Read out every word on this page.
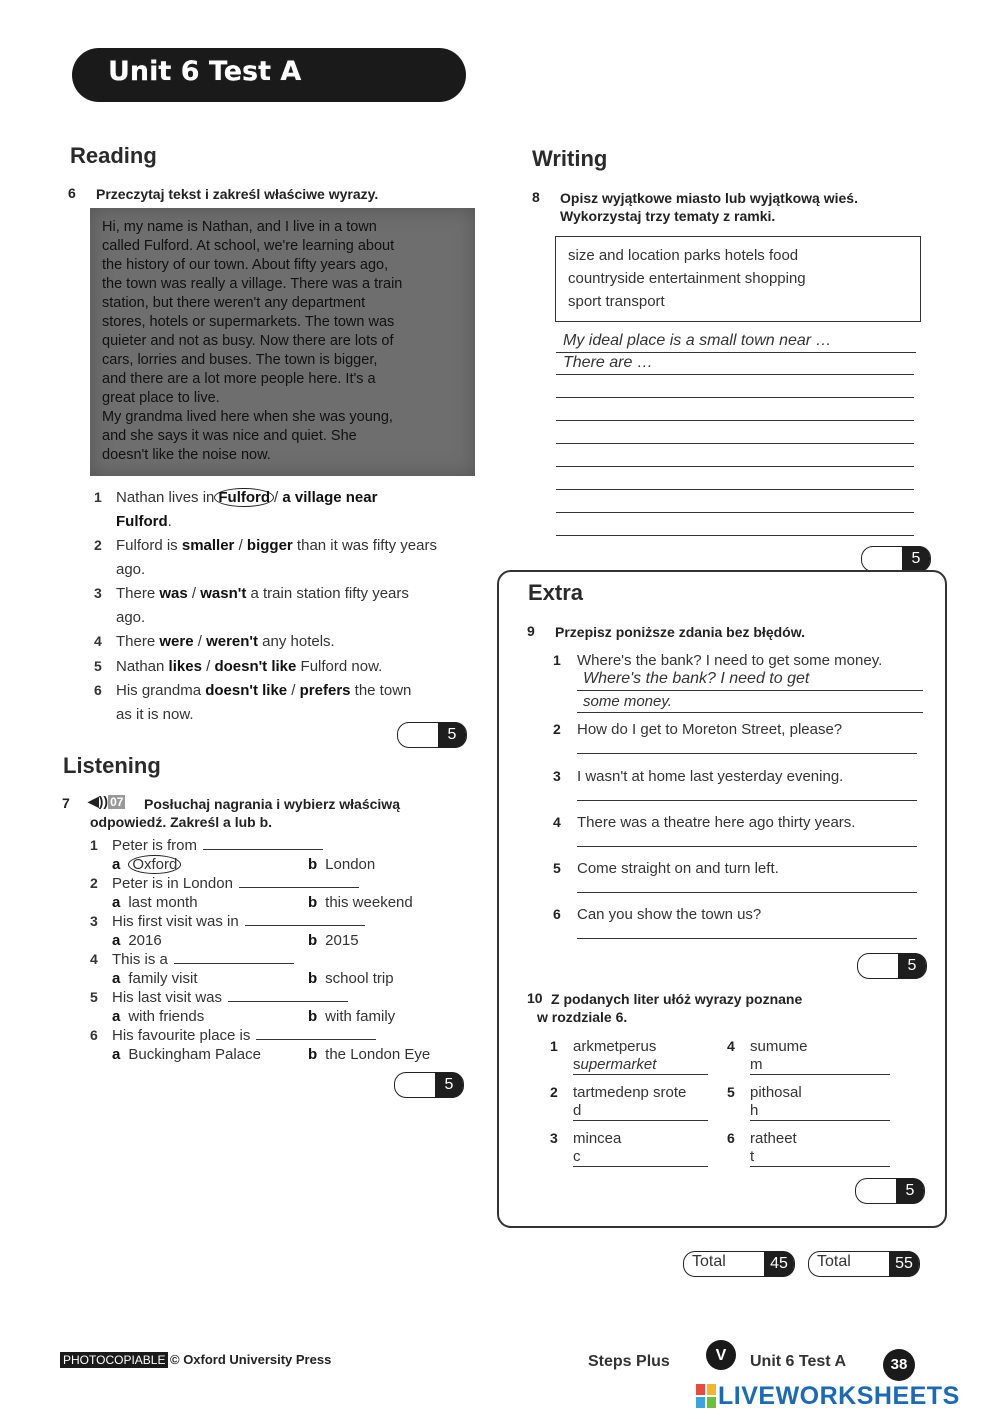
Unit 6 Test A
Reading
6 Przeczytaj tekst i zakreśl właściwe wyrazy.

Hi, my name is Nathan, and I live in a town
called Fulford. At school, we're learning about
the history of our town. About fifty years ago,
the town was really a village. There was a train
station, but there weren't any department
stores, hotels or supermarkets. The town was
quieter and not as busy. Now there are lots of
cars, lorries and buses. The town is bigger,
and there are a lot more people here. It's a
great place to live.
My grandma lived here when she was young,
and she says it was nice and quiet. She
doesn't like the noise now.

1 Nathan lives in Fulford / a village near
Fulford.
2 Fulford is smaller / bigger than it was fifty years
ago.
3 There was / wasn't a train station fifty years
ago.
4 There were / weren't any hotels.
5 Nathan likes / doesn't like Fulford now.
6 His grandma doesn't like / prefers the town
as it is now.
5
Listening
7 ◀)) 07 Posłuchaj nagrania i wybierz właściwą
odpowiedź. Zakreśl a lub b.
1 Peter is from
a Oxford	b London
2 Peter is in London
a last month	b this weekend
3 His first visit was in
a 2016	b 2015
4 This is a
a family visit	b school trip
5 His last visit was
a with friends	b with family
6 His favourite place is
a Buckingham Palace	b the London Eye
5
Writing
8 Opisz wyjątkowe miasto lub wyjątkową wieś.
Wykorzystaj trzy tematy z ramki.

size and location parks hotels food

countryside entertainment shopping

sport transport

My ideal place is a small town near …
There are …
5
Extra
9 Przepisz poniższe zdania bez błędów.
1 Where's the bank? I need to get some money.
Where's the bank? I need to get
some money.
2 How do I get to Moreton Street, please?
3 I wasn't at home last yesterday evening.
4 There was a theatre here ago thirty years.
5 Come straight on and turn left.
6 Can you show the town us?
5
10 Z podanych liter ułóż wyrazy poznane
w rozdziale 6.
1 arkmetperus
supermarket
2 tartmedenp srote
d
3 mincea
c
4 sumume
m
5 pithosal
h
6 ratheet
t
5
Total	45	Total	55
PHOTOCOPIABLE © Oxford University Press	Steps Plus	V	Unit 6 Test A	38
LIVEWORKSHEETS
